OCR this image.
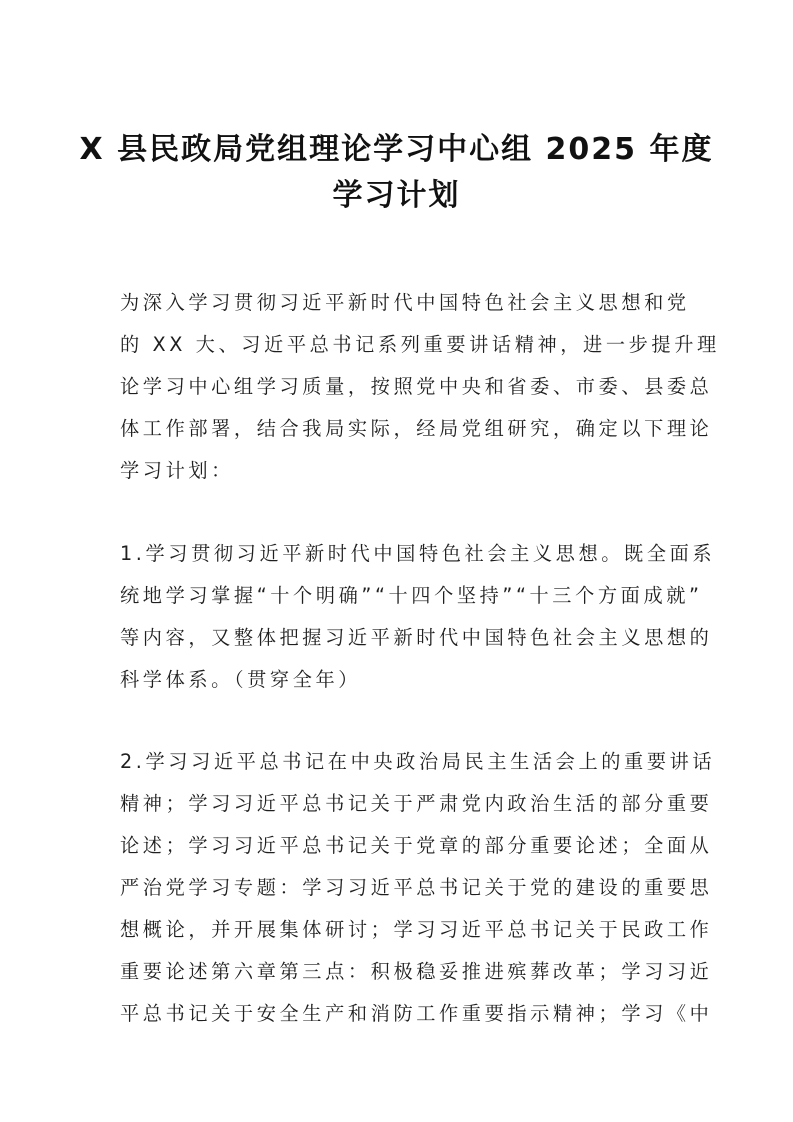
X 县民政局党组理论学习中心组 2025 年度
学习计划
为深入学习贯彻习近平新时代中国特色社会主义思想和党
的 XX 大、习近平总书记系列重要讲话精神，进一步提升理
论学习中心组学习质量，按照党中央和省委、市委、县委总
体工作部署，结合我局实际，经局党组研究，确定以下理论
学习计划：
1.学习贯彻习近平新时代中国特色社会主义思想。既全面系
统地学习掌握“十个明确”“十四个坚持”“十三个方面成就”
等内容，又整体把握习近平新时代中国特色社会主义思想的
科学体系。（贯穿全年）
2.学习习近平总书记在中央政治局民主生活会上的重要讲话
精神；学习习近平总书记关于严肃党内政治生活的部分重要
论述；学习习近平总书记关于党章的部分重要论述；全面从
严治党学习专题：学习习近平总书记关于党的建设的重要思
想概论，并开展集体研讨；学习习近平总书记关于民政工作
重要论述第六章第三点：积极稳妥推进殡葬改革；学习习近
平总书记关于安全生产和消防工作重要指示精神；学习《中
